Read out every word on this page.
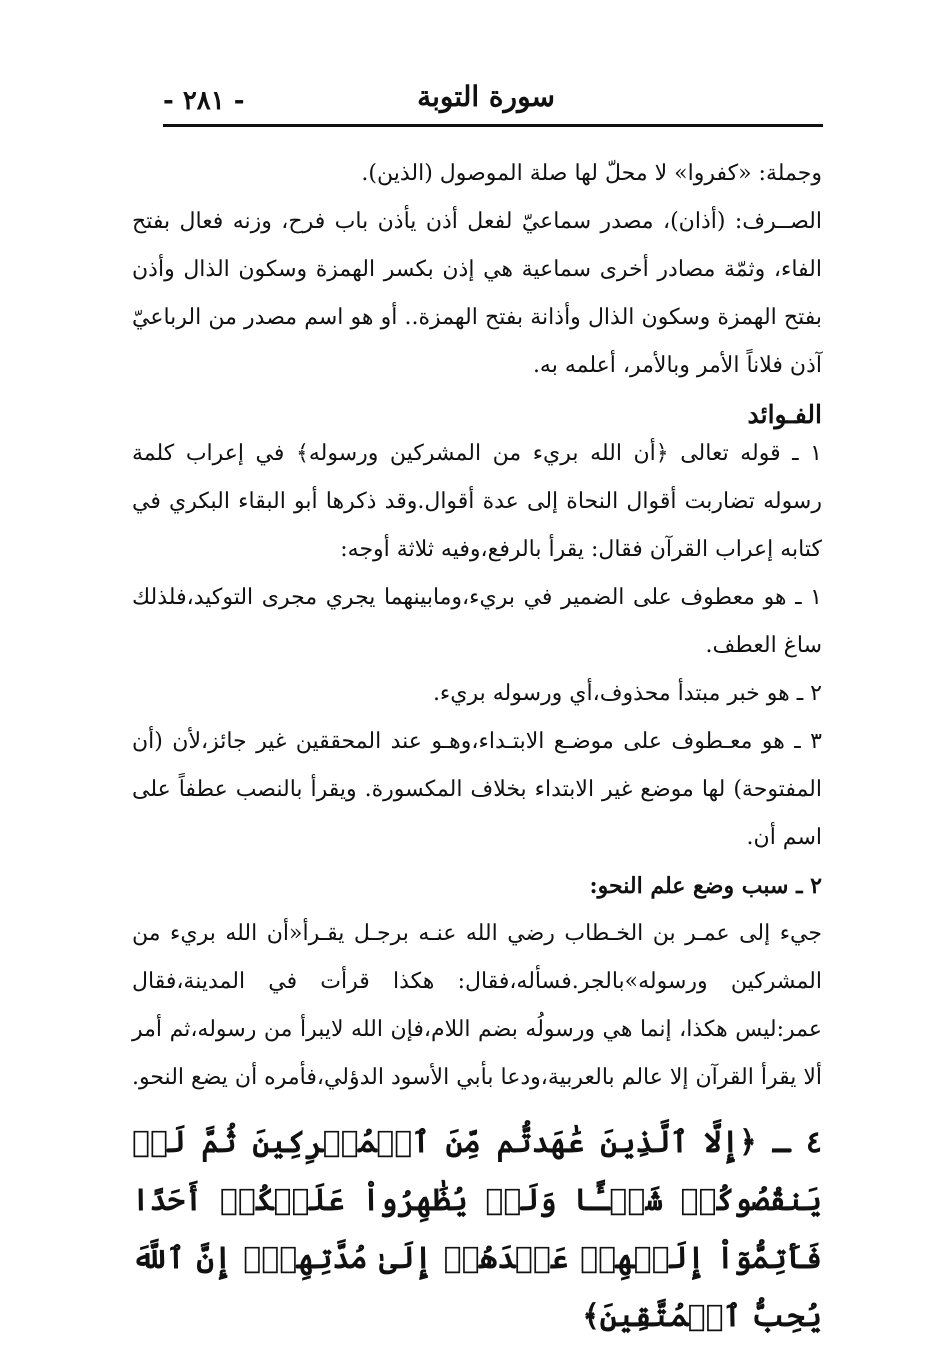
- ٢٨١ -	سورة التوبة

وجملة: «كفروا» لا محلّ لها صلة الموصول (الذين).

الصــرف: (أذان)، مصدر سماعيّ لفعل أذن يأذن باب فرح، وزنه فعال بفتح الفاء، وثمّة مصادر أخرى سماعية هي إذن بكسر الهمزة وسكون الذال وأذن بفتح الهمزة وسكون الذال وأذانة بفتح الهمزة.. أو هو اسم مصدر من الرباعيّ آذن فلاناً الأمر وبالأمر، أعلمه به.

الفـوائد

١ ـ قوله تعالى ﴿أن الله بريء من المشركين ورسوله﴾ في إعراب كلمة رسوله تضاربت أقوال النحاة إلى عدة أقوال.وقد ذكرها أبو البقاء البكري في كتابه إعراب القرآن فقال: يقرأ بالرفع،وفيه ثلاثة أوجه:

١ ـ هو معطوف على الضمير في بريء،ومابينهما يجري مجرى التوكيد،فلذلك ساغ العطف.

٢ ـ هو خبر مبتدأ محذوف،أي ورسوله بريء.

٣ ـ هو معـطوف على موضـع الابتـداء،وهـو عند المحققين غير جائز،لأن (أن المفتوحة) لها موضع غير الابتداء بخلاف المكسورة. ويقرأ بالنصب عطفاً على اسم أن.

٢ ـ سبب وضع علم النحو:

جيء إلى عمـر بن الخـطاب رضي الله عنـه برجـل يقـرأ«أن الله بريء من المشركين ورسوله»بالجر.فسأله،فقال: هكذا قرأت في المدينة،فقال عمر:ليس هكذا، إنما هي ورسولُه بضم اللام،فإن الله لايبرأ من رسوله،ثم أمر ألا يقرأ القرآن إلا عالم بالعربية،ودعا بأبي الأسود الدؤلي،فأمره أن يضع النحو.

٤ ـ ﴿إِلَّا ٱلَّذِينَ عَٰهَدتُّم مِّنَ ٱلۡمُشۡرِكِينَ ثُمَّ لَمۡ يَنقُصُوكُمۡ شَيۡـًٔا وَلَمۡ يُظَٰهِرُواْ عَلَيۡكُمۡ أَحَدًا فَأَتِمُّوٓاْ إِلَيۡهِمۡ عَهۡدَهُمۡ إِلَىٰ مُدَّتِهِمۡۚ إِنَّ ٱللَّهَ يُحِبُّ ٱلۡمُتَّقِينَ﴾
